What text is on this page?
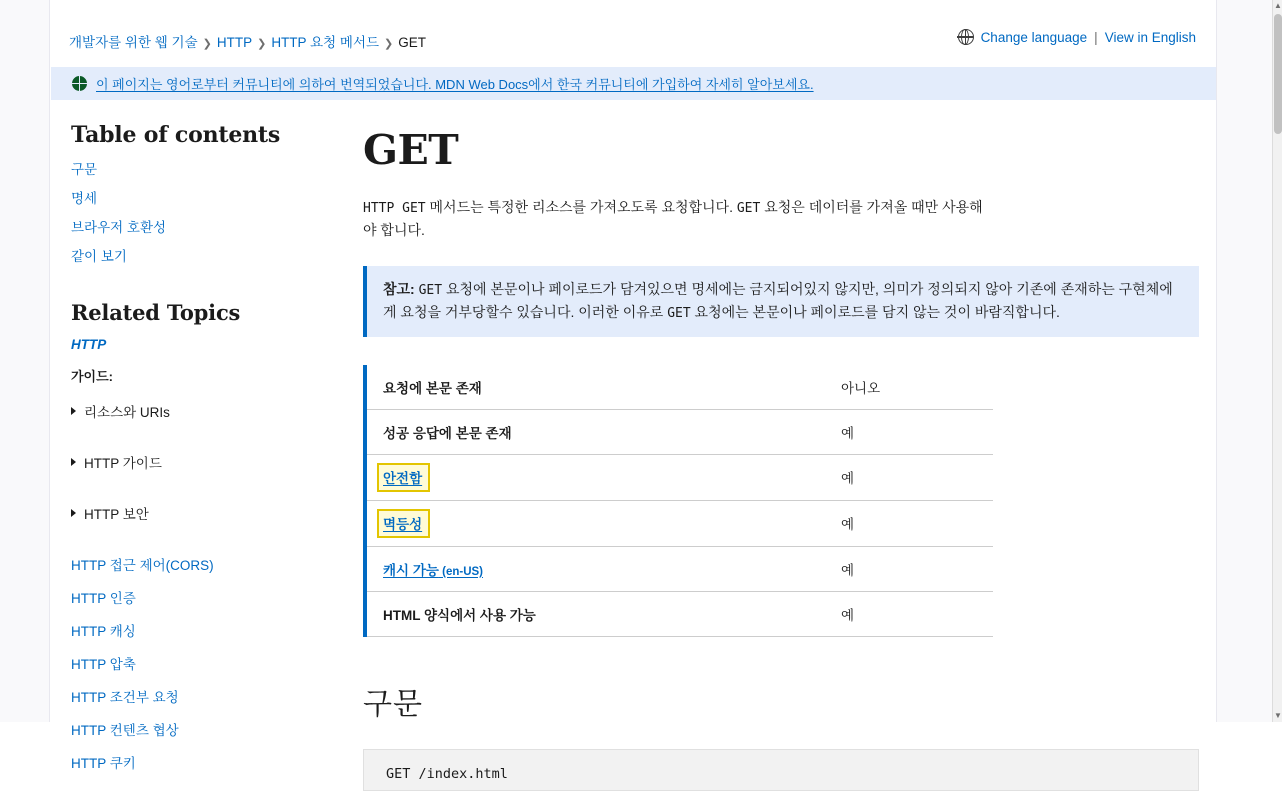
개발자를 위한 웹 기술 ❯ HTTP ❯ HTTP 요청 메서드 ❯ GET	Change language | View in English
이 페이지는 영어로부터 커뮤니티에 의하여 번역되었습니다. MDN Web Docs에서 한국 커뮤니티에 가입하여 자세히 알아보세요.
Table of contents
구문
명세
브라우저 호환성
같이 보기
Related Topics
HTTP
가이드:
리소스와 URIs
HTTP 가이드
HTTP 보안
HTTP 접근 제어(CORS)
HTTP 인증
HTTP 캐싱
HTTP 압축
HTTP 조건부 요청
HTTP 컨텐츠 협상
HTTP 쿠키
GET

HTTP GET 메서드는 특정한 리소스를 가져오도록 요청합니다. GET 요청은 데이터를 가져올 때만 사용해야 합니다.

참고: GET 요청에 본문이나 페이로드가 담겨있으면 명세에는 금지되어있지 않지만, 의미가 정의되지 않아 기존에 존재하는 구현체에게 요청을 거부당할수 있습니다. 이러한 이유로 GET 요청에는 본문이나 페이로드를 담지 않는 것이 바람직합니다.
요청에 본문 존재	아니오
성공 응답에 본문 존재	예
안전함	예
멱등성	예
캐시 가능 (en-US)	예
HTML 양식에서 사용 가능	예
구문
GET /index.html
▲
▼
